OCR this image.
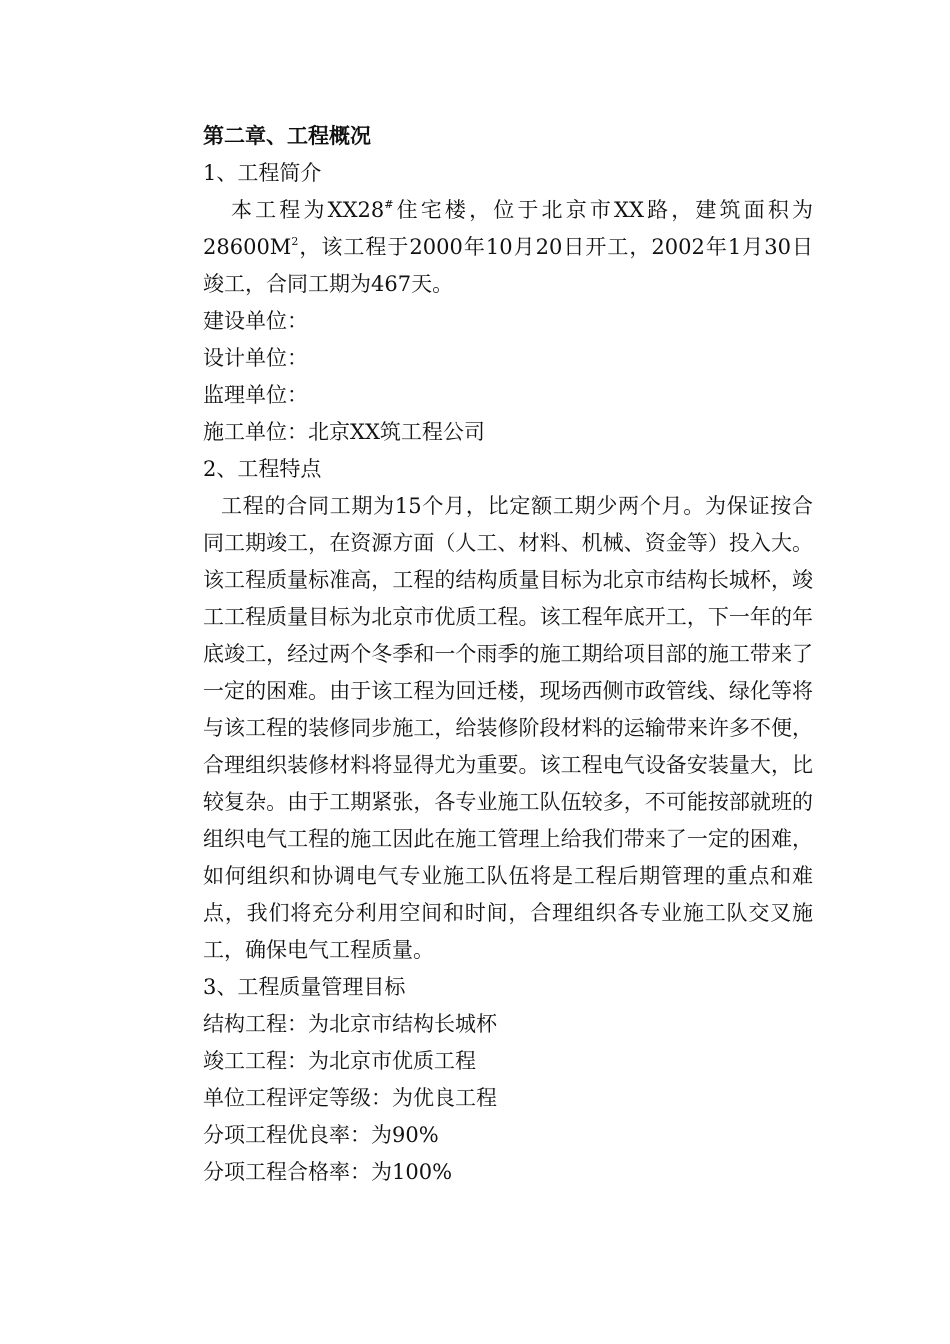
第二章、工程概况

1、工程简介

本工程为XX28#住宅楼，位于北京市XX路，建筑面积为$28600M^2$，该工程于2000年10月20日开工，2002年1月30日竣工，合同工期为467天。

建设单位：

设计单位：

监理单位：

施工单位：北京XX筑工程公司

2、工程特点

工程的合同工期为15个月，比定额工期少两个月。为保证按合同工期竣工，在资源方面（人工、材料、机械、资金等）投入大。该工程质量标准高，工程的结构质量目标为北京市结构长城杯，竣工工程质量目标为北京市优质工程。该工程年底开工，下一年的年底竣工，经过两个冬季和一个雨季的施工期给项目部的施工带来了一定的困难。由于该工程为回迁楼，现场西侧市政管线、绿化等将与该工程的装修同步施工，给装修阶段材料的运输带来许多不便，合理组织装修材料将显得尤为重要。该工程电气设备安装量大，比较复杂。由于工期紧张，各专业施工队伍较多，不可能按部就班的组织电气工程的施工因此在施工管理上给我们带来了一定的困难，如何组织和协调电气专业施工队伍将是工程后期管理的重点和难点，我们将充分利用空间和时间，合理组织各专业施工队交叉施工，确保电气工程质量。

3、工程质量管理目标

结构工程：为北京市结构长城杯

竣工工程：为北京市优质工程

单位工程评定等级：为优良工程

分项工程优良率：为90%

分项工程合格率：为100%
